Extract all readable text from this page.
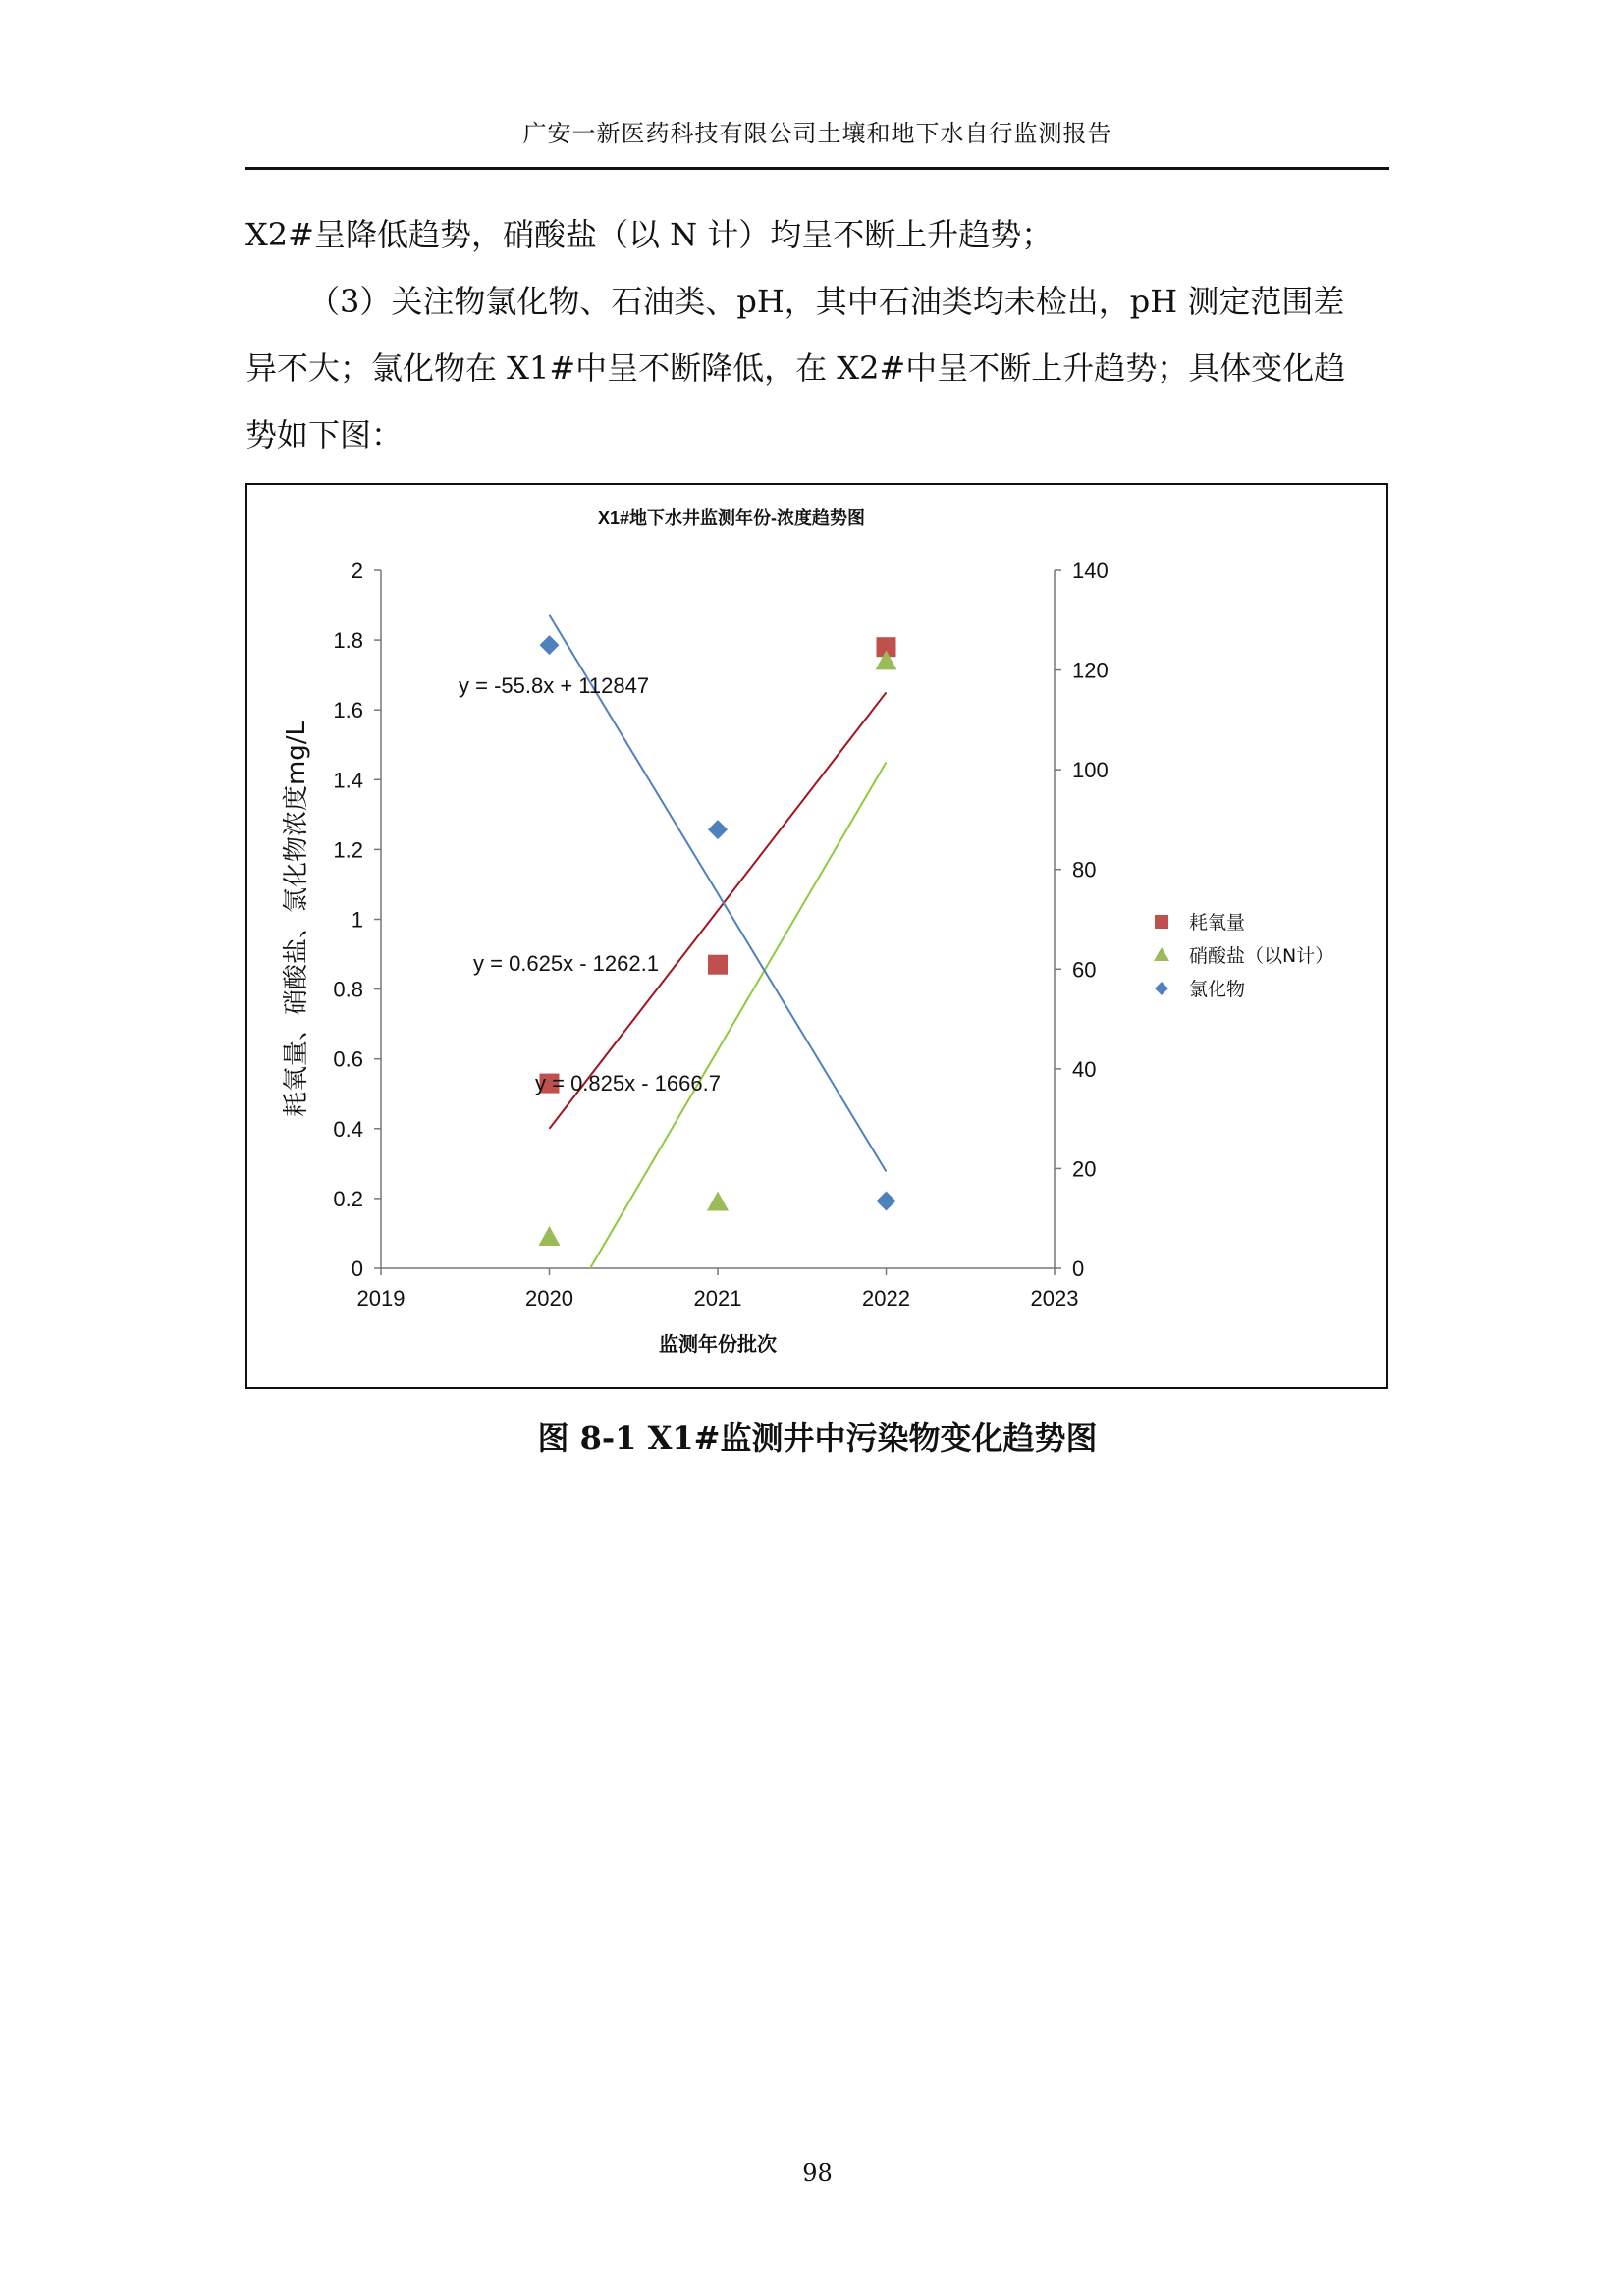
广安一新医药科技有限公司土壤和地下水自行监测报告
X2#呈降低趋势，硝酸盐（以 N 计）均呈不断上升趋势；
（3）关注物氯化物、石油类、pH，其中石油类均未检出，pH 测定范围差
异不大；氯化物在 X1#中呈不断降低，在 X2#中呈不断上升趋势；具体变化趋
势如下图：
X1#地下水井监测年份-浓度趋势图
0
0.2
0.4
0.6
0.8
1
1.2
1.4
1.6
1.8
2
0
20
40
60
80
100
120
140
2019	2020	2021	2022	2023
监测年份批次
耗氧量、硝酸盐、氯化物浓度mg/L	y = 0.625x - 1262.1
y = 0.825x - 1666.7
y = -55.8x + 112847
耗氧量
硝酸盐（以N计）
氯化物
图 8-1 X1#监测井中污染物变化趋势图
98
